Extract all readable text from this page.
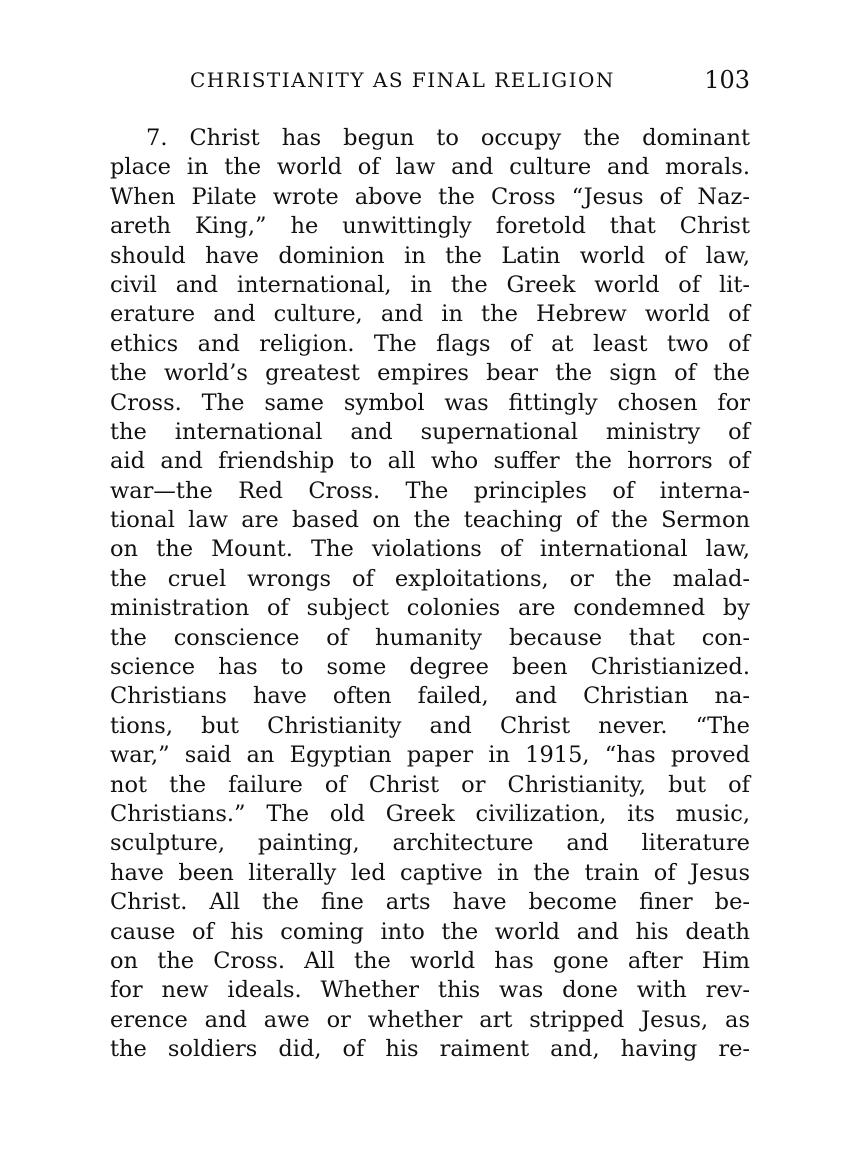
CHRISTIANITY AS FINAL RELIGION	103
7. Christ has begun to occupy the dominant
place in the world of law and culture and morals.
When Pilate wrote above the Cross “Jesus of Naz-
areth King,” he unwittingly foretold that Christ
should have dominion in the Latin world of law,
civil and international, in the Greek world of lit-
erature and culture, and in the Hebrew world of
ethics and religion. The flags of at least two of
the world’s greatest empires bear the sign of the
Cross. The same symbol was fittingly chosen for
the international and supernational ministry of
aid and friendship to all who suffer the horrors of
war—the Red Cross. The principles of interna-
tional law are based on the teaching of the Sermon
on the Mount. The violations of international law,
the cruel wrongs of exploitations, or the malad-
ministration of subject colonies are condemned by
the conscience of humanity because that con-
science has to some degree been Christianized.
Christians have often failed, and Christian na-
tions, but Christianity and Christ never. “The
war,” said an Egyptian paper in 1915, “has proved
not the failure of Christ or Christianity, but of
Christians.” The old Greek civilization, its music,
sculpture, painting, architecture and literature
have been literally led captive in the train of Jesus
Christ. All the fine arts have become finer be-
cause of his coming into the world and his death
on the Cross. All the world has gone after Him
for new ideals. Whether this was done with rev-
erence and awe or whether art stripped Jesus, as
the soldiers did, of his raiment and, having re-
